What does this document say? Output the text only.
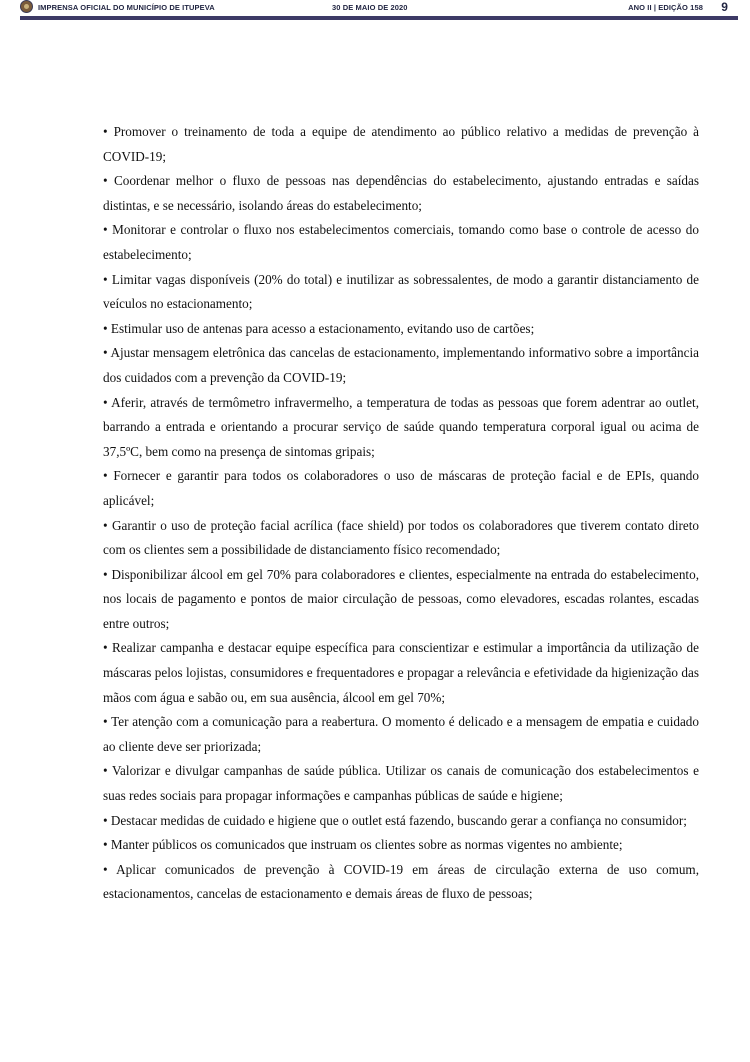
IMPRENSA OFICIAL DO MUNICÍPIO DE ITUPEVA	30 DE MAIO DE 2020	ANO II | EDIÇÃO 158 9

• Promover o treinamento de toda a equipe de atendimento ao público relativo a medidas de prevenção à COVID-19;

• Coordenar melhor o fluxo de pessoas nas dependências do estabelecimento, ajustando entradas e saídas distintas, e se necessário, isolando áreas do estabelecimento;

• Monitorar e controlar o fluxo nos estabelecimentos comerciais, tomando como base o controle de acesso do estabelecimento;

• Limitar vagas disponíveis (20% do total) e inutilizar as sobressalentes, de modo a garantir distanciamento de veículos no estacionamento;

• Estimular uso de antenas para acesso a estacionamento, evitando uso de cartões;

• Ajustar mensagem eletrônica das cancelas de estacionamento, implementando informativo sobre a importância dos cuidados com a prevenção da COVID-19;

• Aferir, através de termômetro infravermelho, a temperatura de todas as pessoas que forem adentrar ao outlet, barrando a entrada e orientando a procurar serviço de saúde quando temperatura corporal igual ou acima de 37,5ºC, bem como na presença de sintomas gripais;

• Fornecer e garantir para todos os colaboradores o uso de máscaras de proteção facial e de EPIs, quando aplicável;

• Garantir o uso de proteção facial acrílica (face shield) por todos os colaboradores que tiverem contato direto com os clientes sem a possibilidade de distanciamento físico recomendado;

• Disponibilizar álcool em gel 70% para colaboradores e clientes, especialmente na entrada do estabelecimento, nos locais de pagamento e pontos de maior circulação de pessoas, como elevadores, escadas rolantes, escadas entre outros;

• Realizar campanha e destacar equipe específica para conscientizar e estimular a importância da utilização de máscaras pelos lojistas, consumidores e frequentadores e propagar a relevância e efetividade da higienização das mãos com água e sabão ou, em sua ausência, álcool em gel 70%;

• Ter atenção com a comunicação para a reabertura. O momento é delicado e a mensagem de empatia e cuidado ao cliente deve ser priorizada;

• Valorizar e divulgar campanhas de saúde pública. Utilizar os canais de comunicação dos estabelecimentos e suas redes sociais para propagar informações e campanhas públicas de saúde e higiene;

• Destacar medidas de cuidado e higiene que o outlet está fazendo, buscando gerar a confiança no consumidor;

• Manter públicos os comunicados que instruam os clientes sobre as normas vigentes no ambiente;

• Aplicar comunicados de prevenção à COVID-19 em áreas de circulação externa de uso comum, estacionamentos, cancelas de estacionamento e demais áreas de fluxo de pessoas;
